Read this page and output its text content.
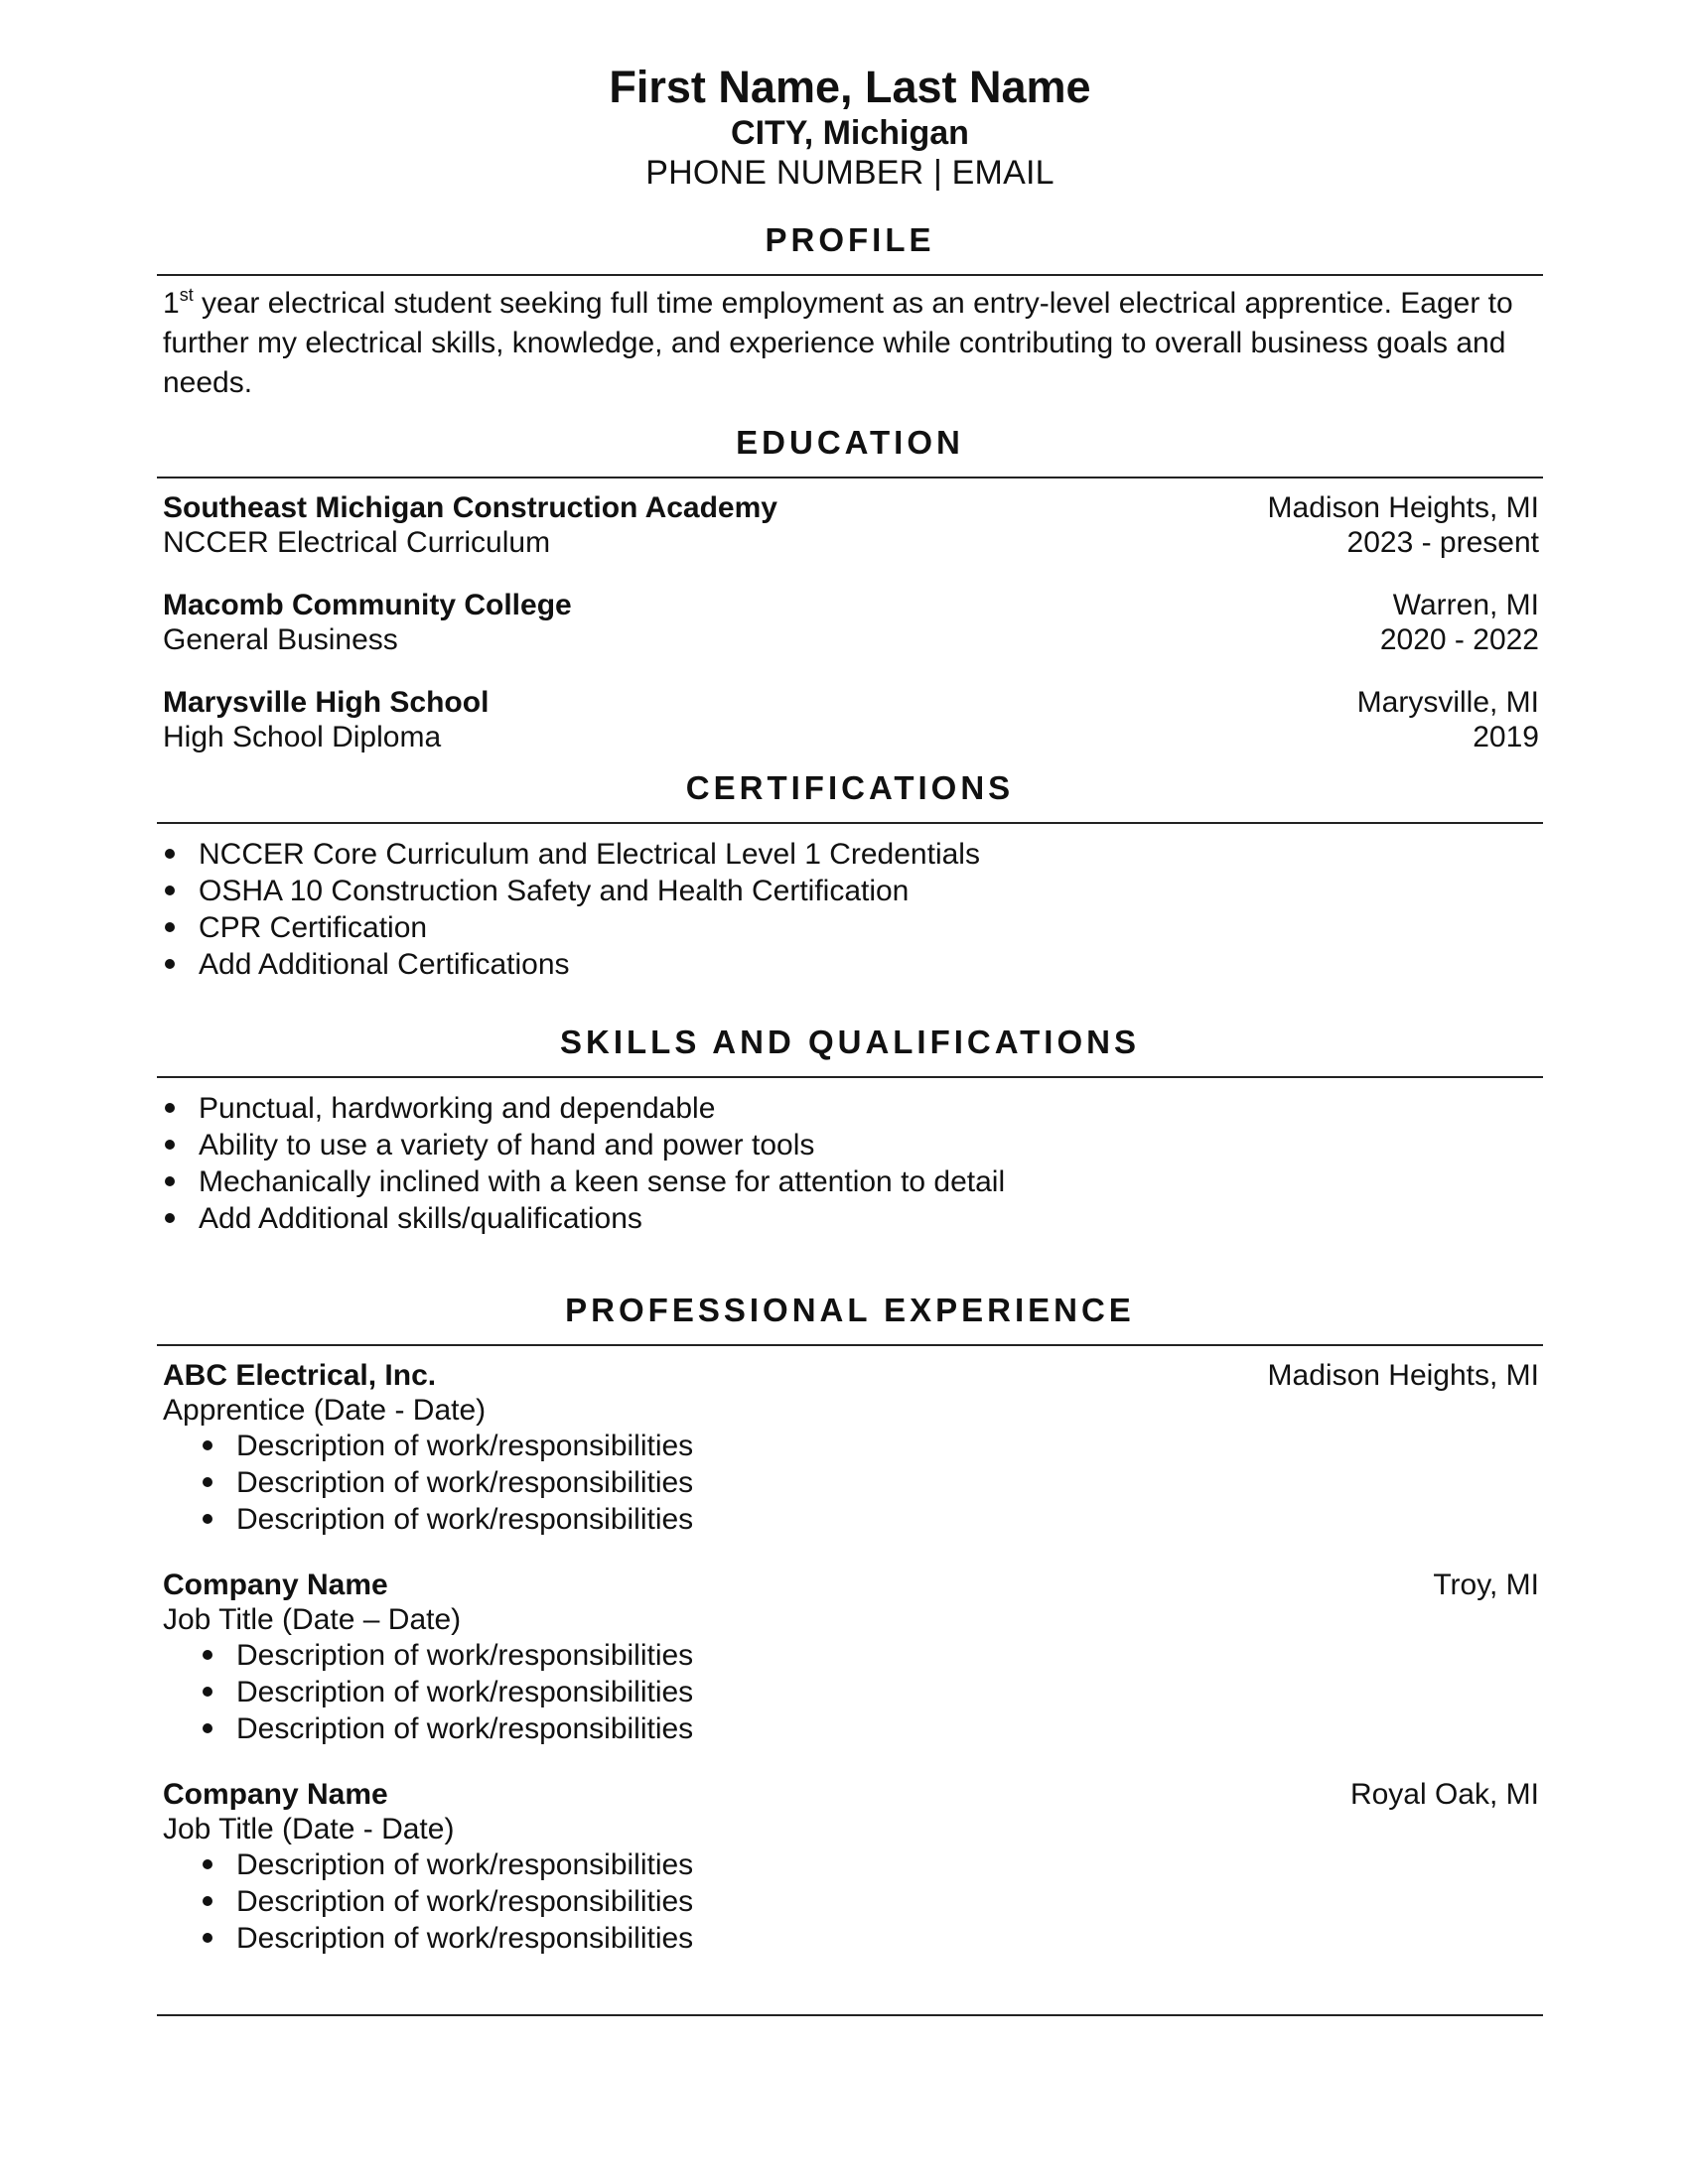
First Name, Last Name

CITY, Michigan

PHONE NUMBER | EMAIL

PROFILE

1st year electrical student seeking full time employment as an entry-level electrical apprentice. Eager to further my electrical skills, knowledge, and experience while contributing to overall business goals and needs.

EDUCATION

Southeast Michigan Construction Academy	Madison Heights, MI
NCCER Electrical Curriculum	2023 - present
Macomb Community College	Warren, MI
General Business	2020 - 2022
Marysville High School	Marysville, MI
High School Diploma	2019

CERTIFICATIONS

NCCER Core Curriculum and Electrical Level 1 Credentials
OSHA 10 Construction Safety and Health Certification
CPR Certification
Add Additional Certifications

SKILLS AND QUALIFICATIONS

Punctual, hardworking and dependable
Ability to use a variety of hand and power tools
Mechanically inclined with a keen sense for attention to detail
Add Additional skills/qualifications

PROFESSIONAL EXPERIENCE

ABC Electrical, Inc.	Madison Heights, MI
Apprentice (Date - Date)
Description of work/responsibilities
Description of work/responsibilities
Description of work/responsibilities
Company Name	Troy, MI
Job Title (Date – Date)
Description of work/responsibilities
Description of work/responsibilities
Description of work/responsibilities
Company Name	Royal Oak, MI
Job Title (Date - Date)
Description of work/responsibilities
Description of work/responsibilities
Description of work/responsibilities
